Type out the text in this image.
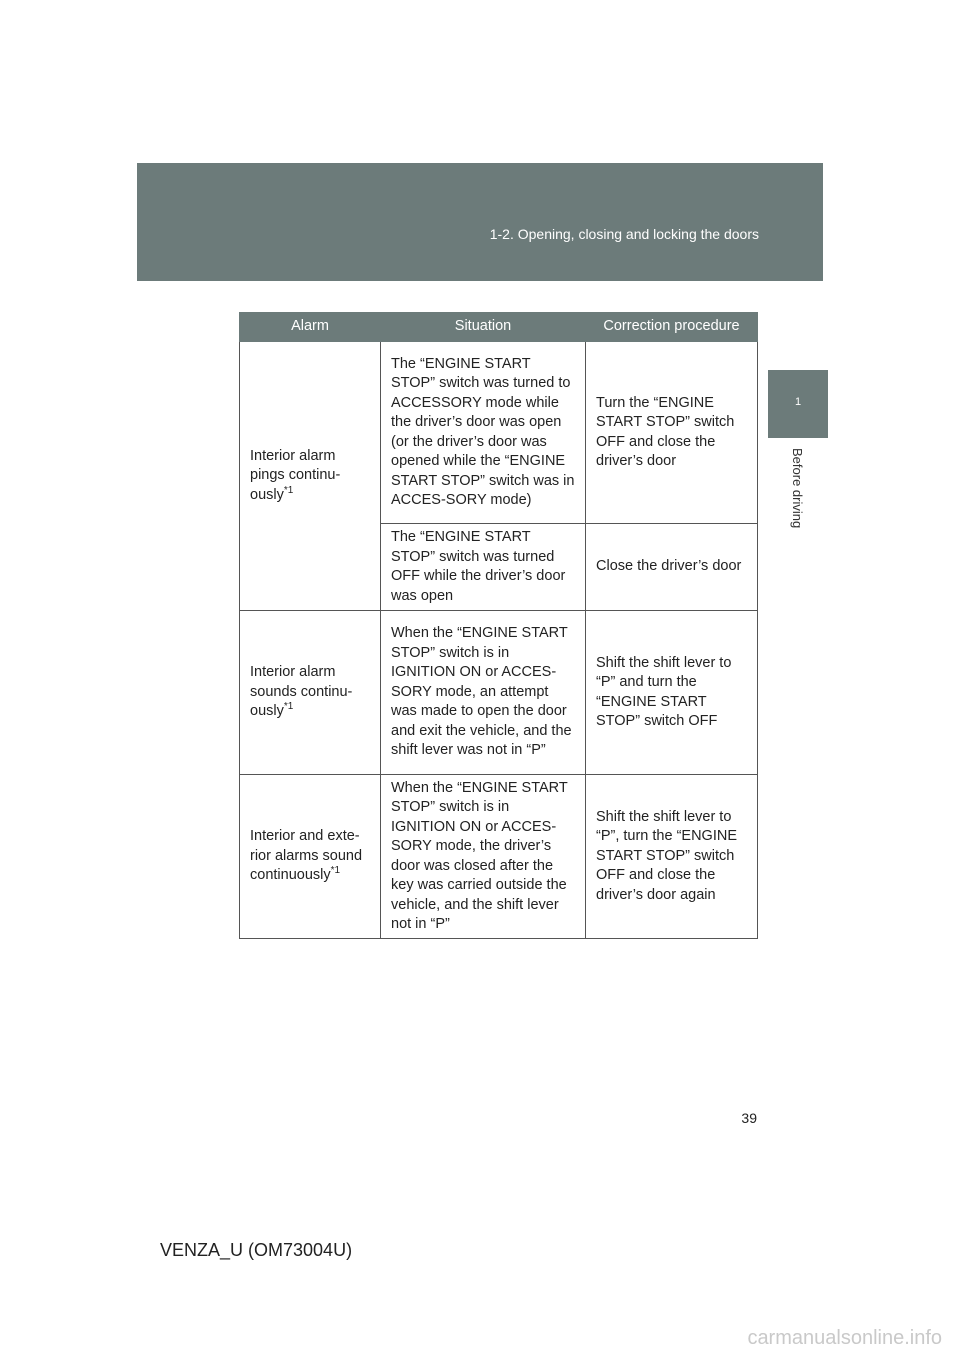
1-2. Opening, closing and locking the doors
1
Before driving
Alarm	Situation	Correction procedure
Interior alarm pings continu-ously$^{*1}$	The “ENGINE START STOP” switch was turned to ACCESSORY mode while the driver’s door was open (or the driver’s door was opened while the “ENGINE START STOP” switch was in ACCES-SORY mode)	Turn the “ENGINE START STOP” switch OFF and close the driver’s door
	The “ENGINE START STOP” switch was turned OFF while the driver’s door was open	Close the driver’s door
Interior alarm sounds continu-ously$^{*1}$	When the “ENGINE START STOP” switch is in IGNITION ON or ACCES-SORY mode, an attempt was made to open the door and exit the vehicle, and the shift lever was not in “P”	Shift the shift lever to “P” and turn the “ENGINE START STOP” switch OFF
Interior and exte-rior alarms sound continuously$^{*1}$	When the “ENGINE START STOP” switch is in IGNITION ON or ACCES-SORY mode, the driver’s door was closed after the key was carried outside the vehicle, and the shift lever not in “P”	Shift the shift lever to “P”, turn the “ENGINE START STOP” switch OFF and close the driver’s door again
39
VENZA_U (OM73004U)
carmanualsonline.info
